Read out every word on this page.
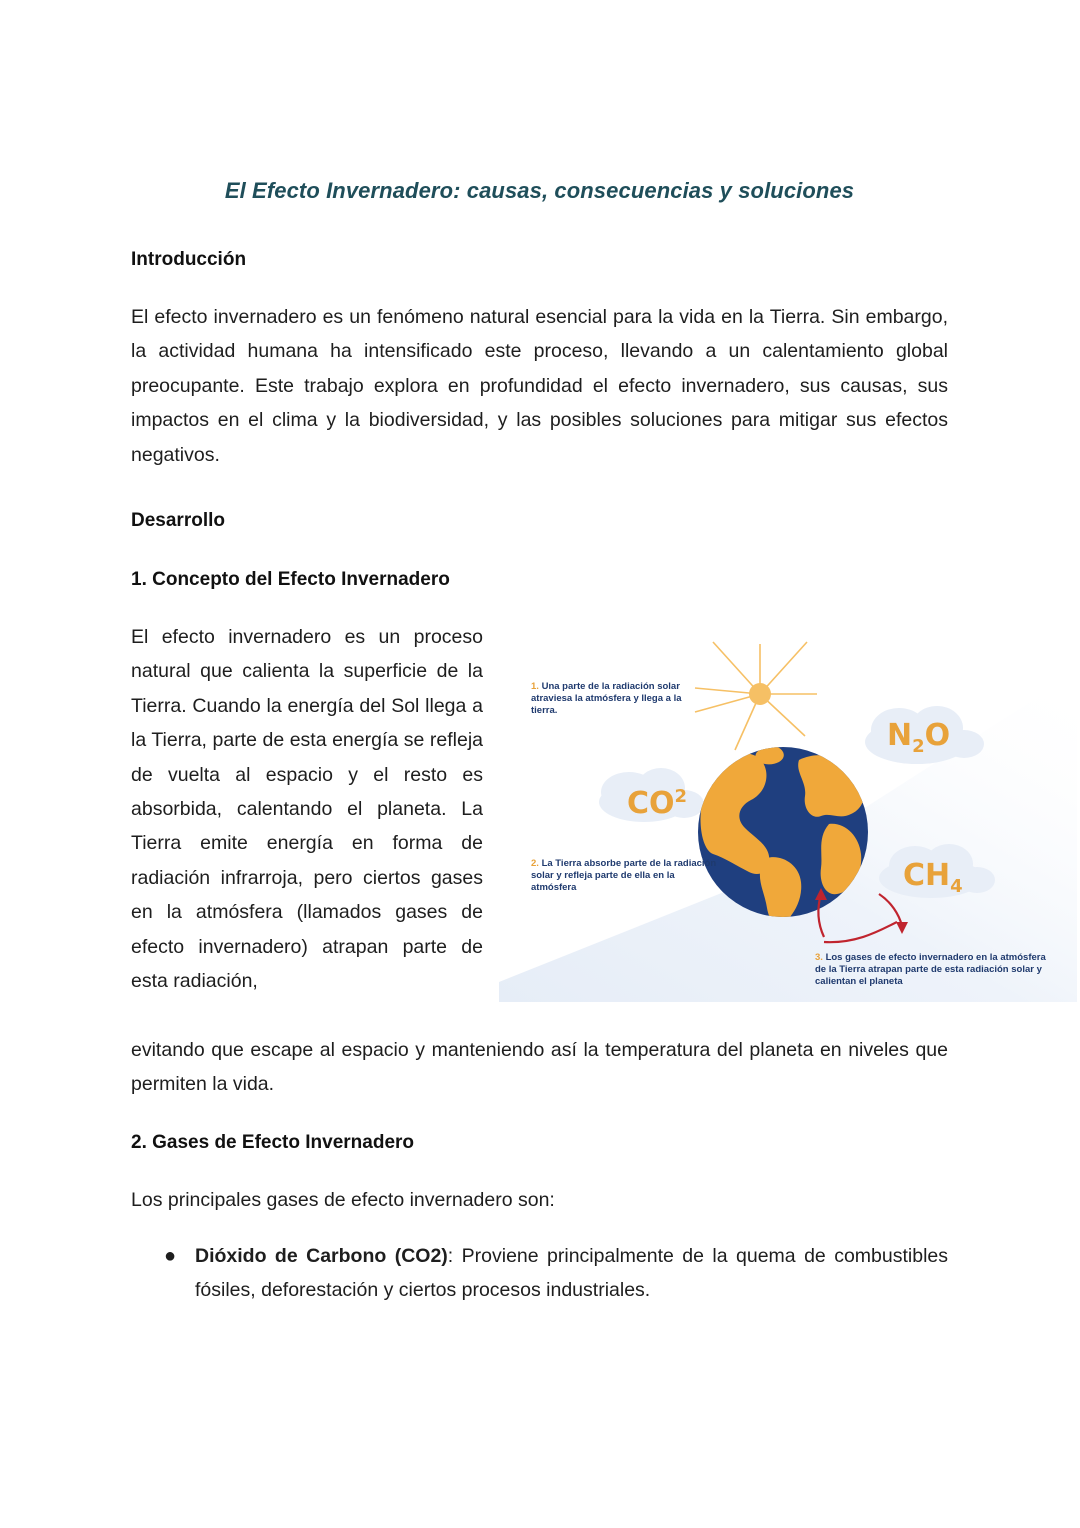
El Efecto Invernadero: causas, consecuencias y soluciones
Introducción

El efecto invernadero es un fenómeno natural esencial para la vida en la Tierra. Sin embargo, la actividad humana ha intensificado este proceso, llevando a un calentamiento global preocupante. Este trabajo explora en profundidad el efecto invernadero, sus causas, sus impactos en el clima y la biodiversidad, y las posibles soluciones para mitigar sus efectos negativos.

Desarrollo
1. Concepto del Efecto Invernadero

El efecto invernadero es un proceso natural que calienta la superficie de la Tierra. Cuando la energía del Sol llega a la Tierra, parte de esta energía se refleja de vuelta al espacio y el resto es absorbida, calentando el planeta. La Tierra emite energía en forma de radiación infrarroja, pero ciertos gases en la atmósfera (llamados gases de efecto invernadero) atrapan parte de esta radiación,

evitando que escape al espacio y manteniendo así la temperatura del planeta en niveles que permiten la vida.

2. Gases de Efecto Invernadero

Los principales gases de efecto invernadero son:

● Dióxido de Carbono (CO2): Proviene principalmente de la quema de combustibles fósiles, deforestación y ciertos procesos industriales.
1. Una parte de la radiación solar atraviesa la atmósfera y llega a la tierra.
2. La Tierra absorbe parte de la radiación solar y refleja parte de ella en la atmósfera
3. Los gases de efecto invernadero en la atmósfera de la Tierra atrapan parte de esta radiación solar y calientan el planeta
$CO^2$
$N_2O$
$CH_4$
